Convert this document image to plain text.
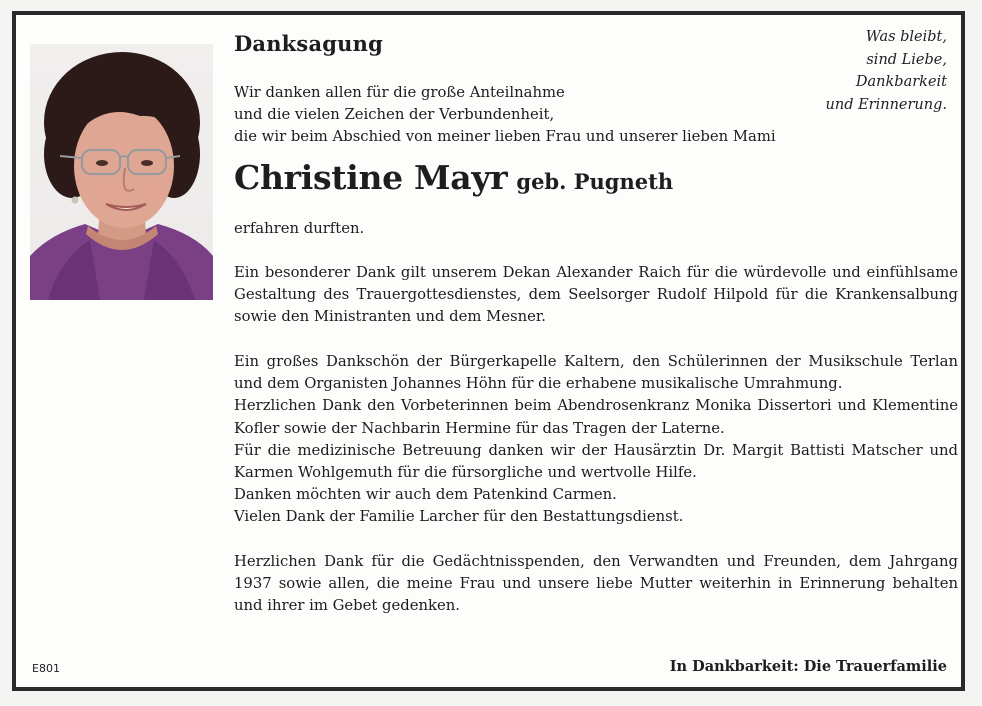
Danksagung	Was bleibt,
sind Liebe,
Dankbarkeit
und Erinnerung.
Wir danken allen für die große Anteilnahme
und die vielen Zeichen der Verbundenheit,
die wir beim Abschied von meiner lieben Frau und unserer lieben Mami
Christine Mayr geb. Pugneth
erfahren durften.
Ein besonderer Dank gilt unserem Dekan Alexander Raich für die würdevolle und einfühlsame Gestaltung des Trauergottesdienstes, dem Seelsorger Rudolf Hilpold für die Krankensalbung sowie den Ministranten und dem Mesner.
Ein großes Dankschön der Bürgerkapelle Kaltern, den Schülerinnen der Musikschule Terlan und dem Organisten Johannes Höhn für die erhabene musikalische Umrahmung.
Herzlichen Dank den Vorbeterinnen beim Abendrosenkranz Monika Dissertori und Klementine Kofler sowie der Nachbarin Hermine für das Tragen der Laterne.
Für die medizinische Betreuung danken wir der Hausärztin Dr. Margit Battisti Matscher und Karmen Wohlgemuth für die fürsorgliche und wertvolle Hilfe.
Danken möchten wir auch dem Patenkind Carmen.
Vielen Dank der Familie Larcher für den Bestattungsdienst.
Herzlichen Dank für die Gedächtnisspenden, den Verwandten und Freunden, dem Jahrgang 1937 sowie allen, die meine Frau und unsere liebe Mutter weiterhin in Erinnerung behalten und ihrer im Gebet gedenken.
E801	In Dankbarkeit: Die Trauerfamilie
